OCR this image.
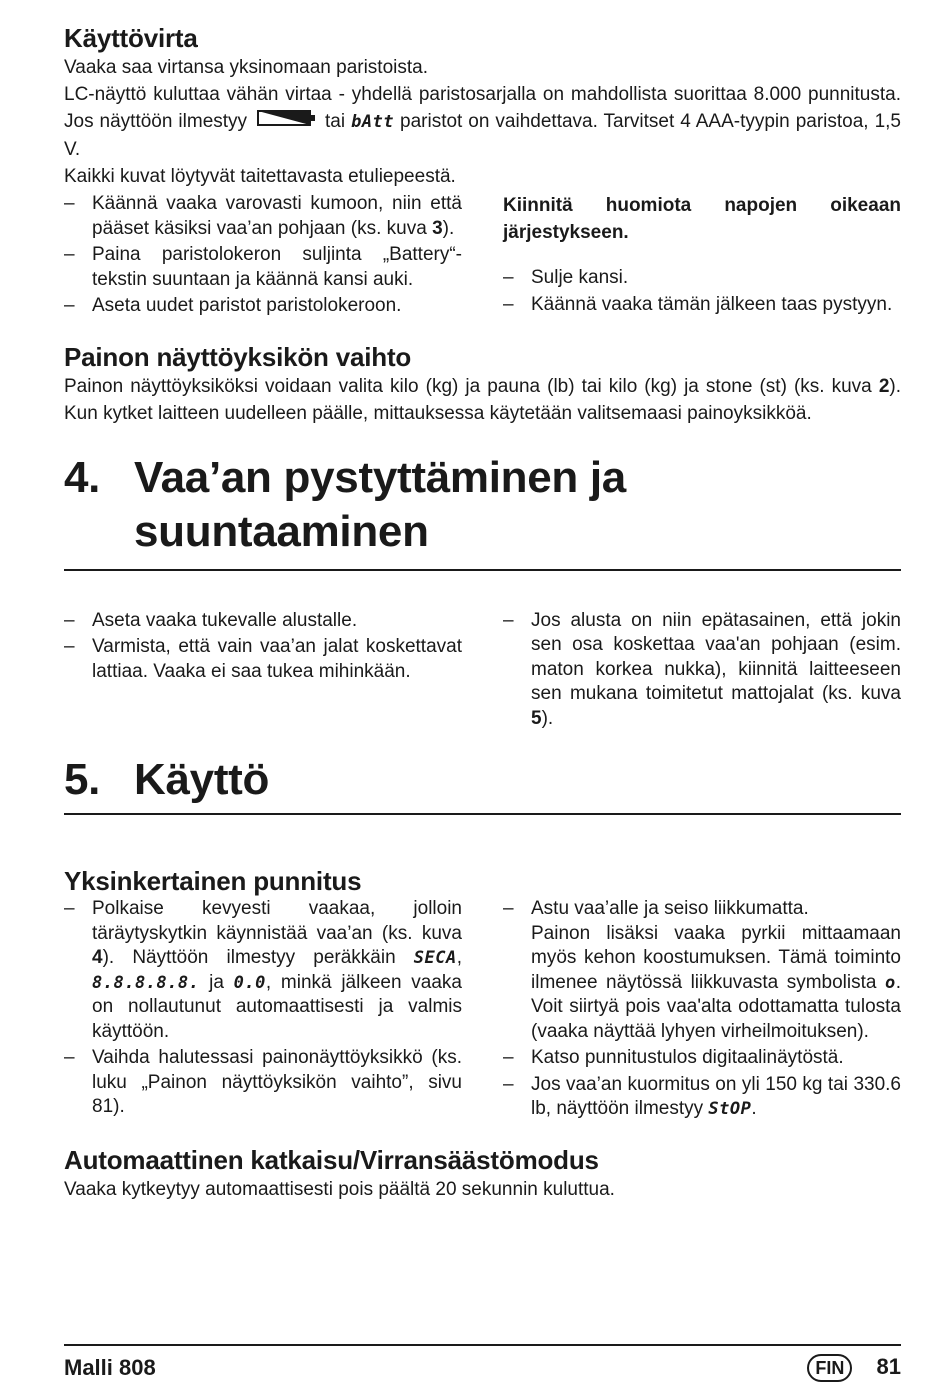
Käyttövirta

Vaaka saa virtansa yksinomaan paristoista.

LC-näyttö kuluttaa vähän virtaa - yhdellä paristosarjalla on mahdollista suorittaa 8.000 punnitusta. Jos näyttöön ilmestyy	tai bAtt paristot on vaihdettava. Tarvitset 4 AAA-tyypin paristoa, 1,5 V.

Kaikki kuvat löytyvät taitettavasta etuliepeestä.

– Käännä vaaka varovasti kumoon, niin että pääset käsiksi vaa’an pohjaan (ks. kuva 3).
– Paina paristolokeron suljinta „Battery“-tekstin suuntaan ja käännä kansi auki.
– Aseta uudet paristot paristolokeroon.
Kiinnitä huomiota napojen oikeaan järjestykseen.
– Sulje kansi.
– Käännä vaaka tämän jälkeen taas pystyyn.
Painon näyttöyksikön vaihto

Painon näyttöyksiköksi voidaan valita kilo (kg) ja pauna (lb) tai kilo (kg) ja stone (st) (ks. kuva 2). Kun kytket laitteen uudelleen päälle, mittauksessa käytetään valitsemaasi painoyksikköä.

4. Vaa’an pystyttäminen ja suuntaaminen
– Aseta vaaka tukevalle alustalle.
– Varmista, että vain vaa’an jalat koskettavat lattiaa. Vaaka ei saa tukea mihinkään.
– Jos alusta on niin epätasainen, että jokin sen osa koskettaa vaa'an pohjaan (esim. maton korkea nukka), kiinnitä laitteeseen sen mukana toimitetut mattojalat (ks. kuva 5).
5. Käyttö
Yksinkertainen punnitus
– Polkaise kevyesti vaakaa, jolloin täräytyskytkin käynnistää vaa’an (ks. kuva 4). Näyttöön ilmestyy peräkkäin SECA, 8.8.8.8.8. ja 0.0, minkä jälkeen vaaka on nollautunut automaattisesti ja valmis käyttöön.
– Vaihda halutessasi painonäyttöyksikkö (ks. luku „Painon näyttöyksikön vaihto”, sivu 81).
– Astu vaa’alle ja seiso liikkumatta.
Painon lisäksi vaaka pyrkii mittaamaan myös kehon koostumuksen. Tämä toiminto ilmenee näytössä liikkuvasta symbolista o. Voit siirtyä pois vaa'alta odottamatta tulosta (vaaka näyttää lyhyen virheilmoituksen).
– Katso punnitustulos digitaalinäytöstä.
– Jos vaa’an kuormitus on yli 150 kg tai 330.6 lb, näyttöön ilmestyy StOP.
Automaattinen katkaisu/Virransäästömodus

Vaaka kytkeytyy automaattisesti pois päältä 20 sekunnin kuluttua.

Malli 808	FIN 81
